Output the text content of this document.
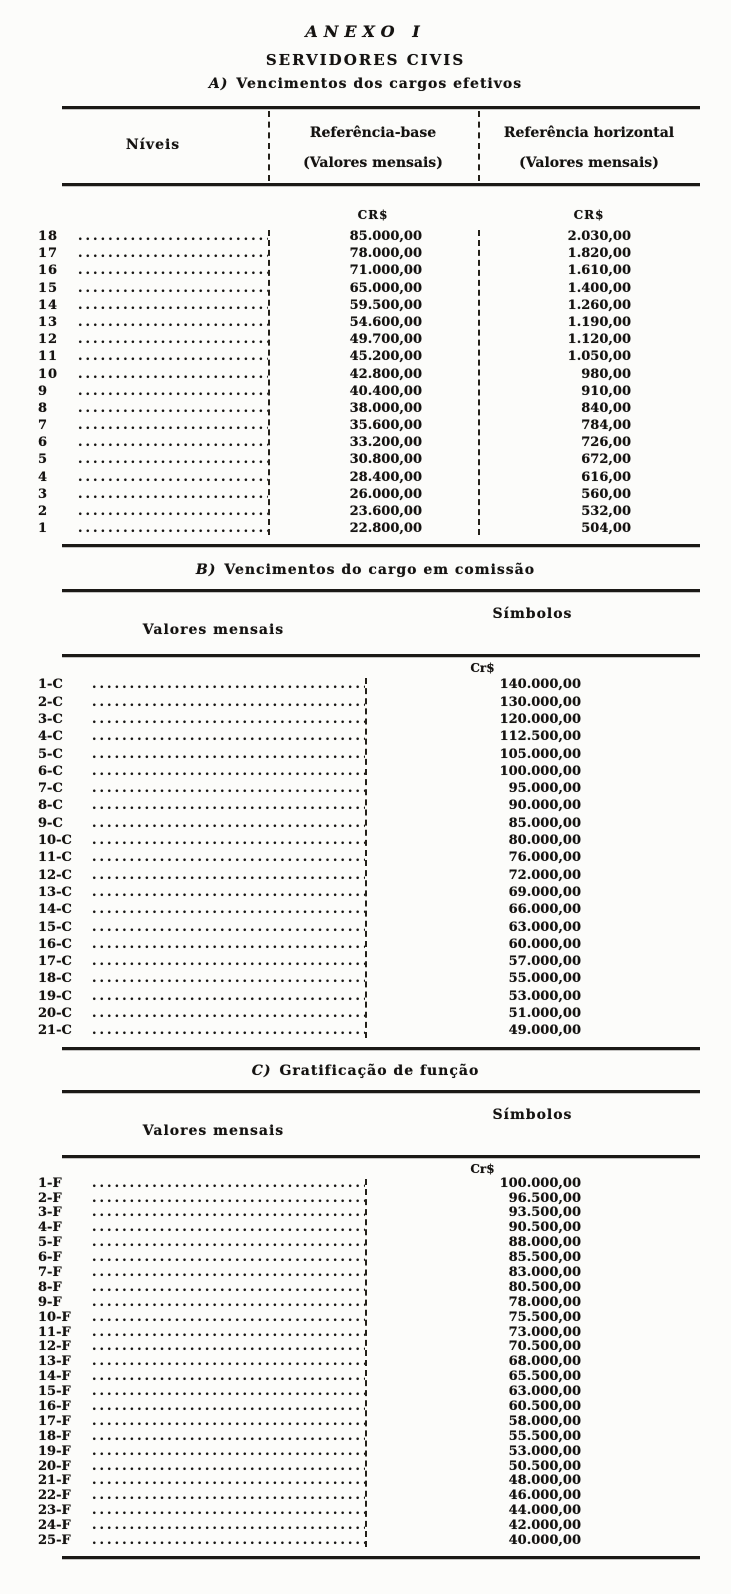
ANEXO I
SERVIDORES CIVIS
A) Vencimentos dos cargos efetivos
Níveis
Referência-base
(Valores mensais)
Referência horizontal
(Valores mensais)
CR$	CR$
18 .....	85.000,00	2.030,00
17 .....	78.000,00	1.820,00
16 .....	71.000,00	1.610,00
15 .....	65.000,00	1.400,00
14 .....	59.500,00	1.260,00
13 .....	54.600,00	1.190,00
12 .....	49.700,00	1.120,00
11 .....	45.200,00	1.050,00
10 .....	42.800,00	980,00
9 .....	40.400,00	910,00
8 .....	38.000,00	840,00
7 .....	35.600,00	784,00
6 .....	33.200,00	726,00
5 .....	30.800,00	672,00
4 .....	28.400,00	616,00
3 .....	26.000,00	560,00
2 .....	23.600,00	532,00
1 .....	22.800,00	504,00
B) Vencimentos do cargo em comissão
Símbolos
Valores mensais
Cr$
1-C .....	140.000,00
2-C .....	130.000,00
3-C .....	120.000,00
4-C .....	112.500,00
5-C .....	105.000,00
6-C .....	100.000,00
7-C .....	95.000,00
8-C .....	90.000,00
9-C .....	85.000,00
10-C .....	80.000,00
11-C .....	76.000,00
12-C .....	72.000,00
13-C .....	69.000,00
14-C .....	66.000,00
15-C .....	63.000,00
16-C .....	60.000,00
17-C .....	57.000,00
18-C .....	55.000,00
19-C .....	53.000,00
20-C .....	51.000,00
21-C .....	49.000,00
C) Gratificação de função
Símbolos
Valores mensais
Cr$
1-F .....	100.000,00
2-F .....	96.500,00
3-F .....	93.500,00
4-F .....	90.500,00
5-F .....	88.000,00
6-F .....	85.500,00
7-F .....	83.000,00
8-F .....	80.500,00
9-F .....	78.000,00
10-F .....	75.500,00
11-F .....	73.000,00
12-F .....	70.500,00
13-F .....	68.000,00
14-F .....	65.500,00
15-F .....	63.000,00
16-F .....	60.500,00
17-F .....	58.000,00
18-F .....	55.500,00
19-F .....	53.000,00
20-F .....	50.500,00
21-F .....	48.000,00
22-F .....	46.000,00
23-F .....	44.000,00
24-F .....	42.000,00
25-F .....	40.000,00
